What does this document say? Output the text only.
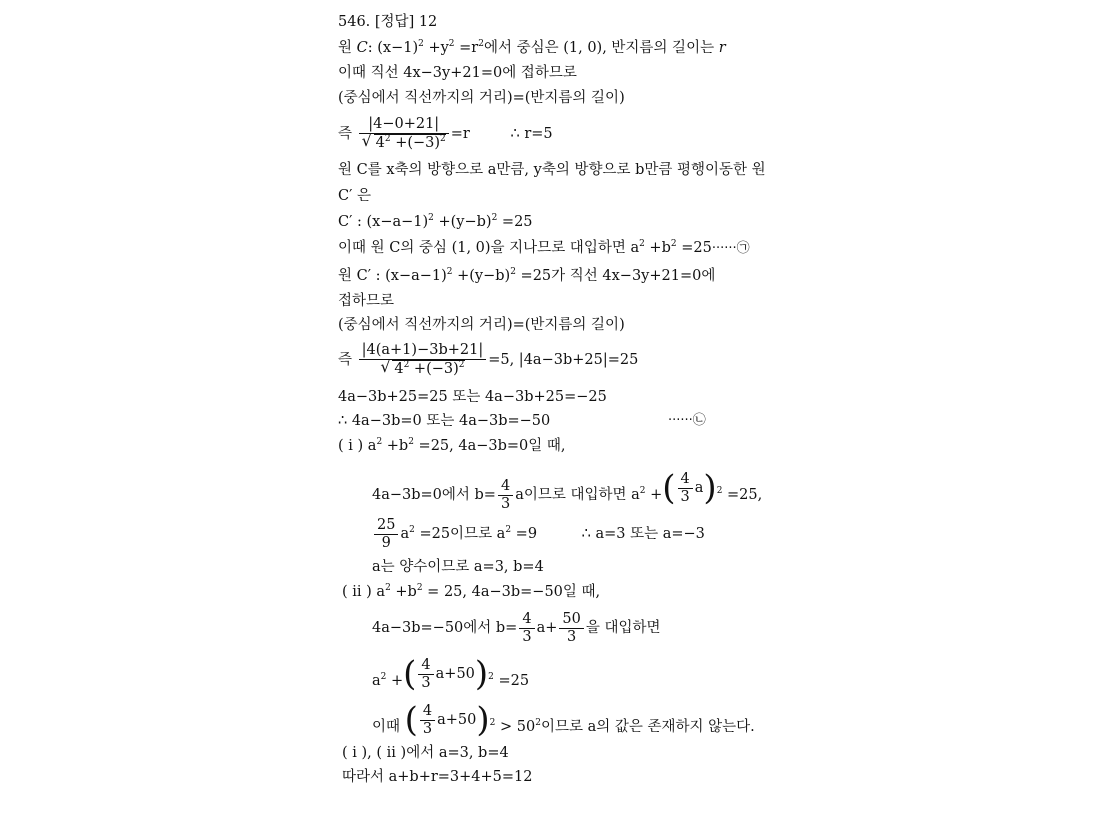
546. [정답] 12
원 C: $(x-1)^2 +y^2 =r^2$에서 중심은 (1, 0), 반지름의 길이는 r
이때 직선 4x−3y+21=0에 접하므로
(중심에서 직선까지의 거리)=(반지름의 길이)
즉 |4−0+21|
√ $4^2 +(-3)^2 =r$	∴ r=5
원 C를 x축의 방향으로 a만큼, y축의 방향으로 b만큼 평행이동한 원
C′ 은
C′ : $(x-a-1)^2 +(y-b)^2 =25$
이때 원 C의 중심 (1, 0)을 지나므로 대입하면 $a^2 +b^2$ =25······㉠
원 C′ : $(x-a-1)^2 +(y-b)^2 =25$가 직선 4x−3y+21=0에
접하므로
(중심에서 직선까지의 거리)=(반지름의 길이)
즉 |4(a+1)−3b+21|
√ $4^2 +(-3)^2 =5$, |4a−3b+25|=25
4a−3b+25=25 또는 4a−3b+25=−25
∴ 4a−3b=0 또는 4a−3b=−50	······㉡
( ⅰ ) $a^2 +b^2 =25$, 4a−3b=0일 때,
4a−3b=0에서 $b= \frac{4}{3}$ a이므로 대입하면 $a^2$ + ( $\frac{4}{3}$ a ) $^2$ =25,
$\frac{25}{9} a^2 =25$이므로 $a^2 =9$	∴ a=3 또는 a=−3
a는 양수이므로 a=3, b=4
( ⅱ ) $a^2 +b^2 = 25$, 4a−3b=−50일 때,
4a−3b=−50에서 $b= \frac{4}{3} a+ \frac{50}{3}$ 을 대입하면
$a^2$ + ( $\frac{4}{3} a+50$ ) $^2$ =25
이때 ( $\frac{4}{3} a+50$ ) $^2 > 50^2$이므로 a의 값은 존재하지 않는다.
( ⅰ ), ( ⅱ )에서 a=3, b=4
따라서 a+b+r=3+4+5=12
